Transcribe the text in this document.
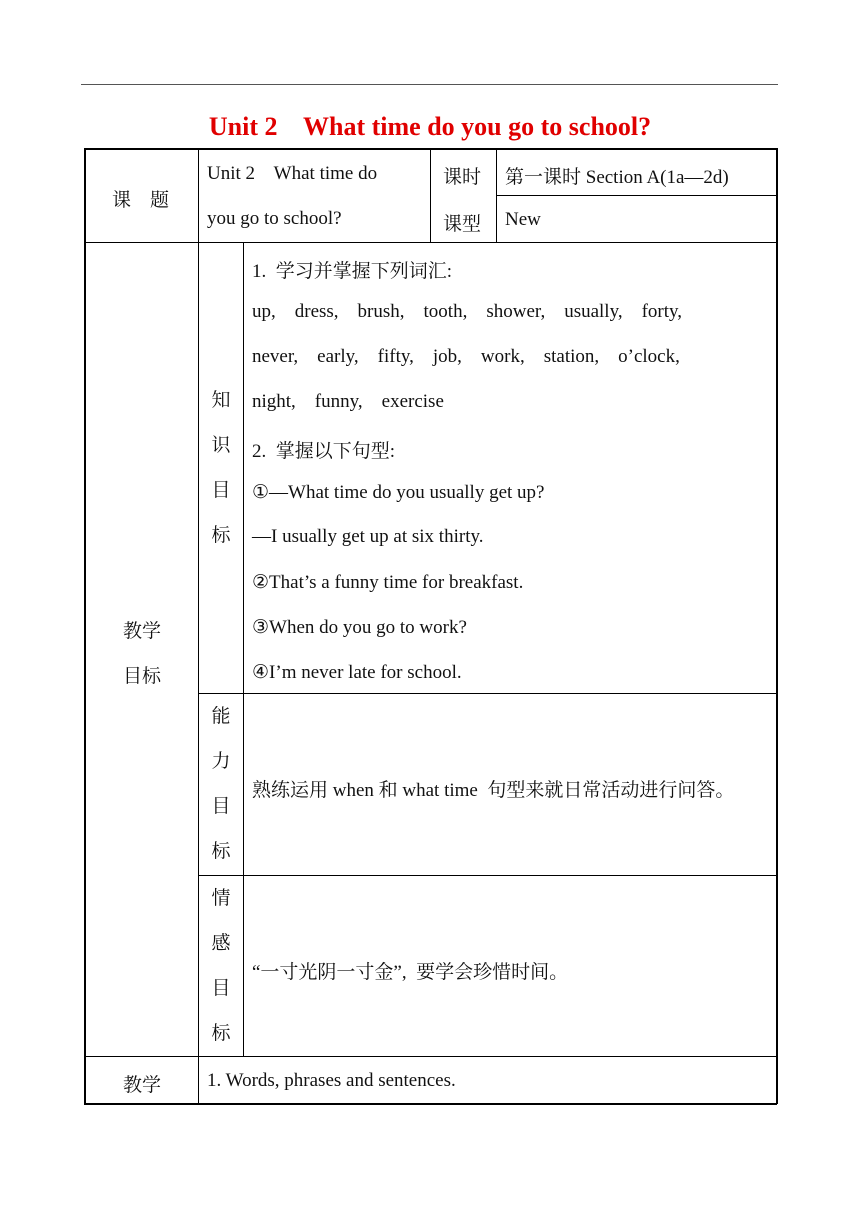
Unit 2    What time do you go to school?
课    题
Unit 2    What time do
you go to school?
课时 第一课时 Section A(1a—2d)
课型 New
教学
目标
知
识
目
标
1.  学习并掌握下列词汇:
up,    dress,    brush,    tooth,    shower,    usually,    forty,
never,    early,    fifty,    job,    work,    station,    o’clock,
night,    funny,    exercise
2.  掌握以下句型:
①—What time do you usually get up?
—I usually get up at six thirty.
②That’s a funny time for breakfast.
③When do you go to work?
④I’m never late for school.
能
力
目
标
熟练运用 when 和 what time  句型来就日常活动进行问答。
情
感
目
标
“一寸光阴一寸金”,  要学会珍惜时间。
教学 1. Words, phrases and sentences.
